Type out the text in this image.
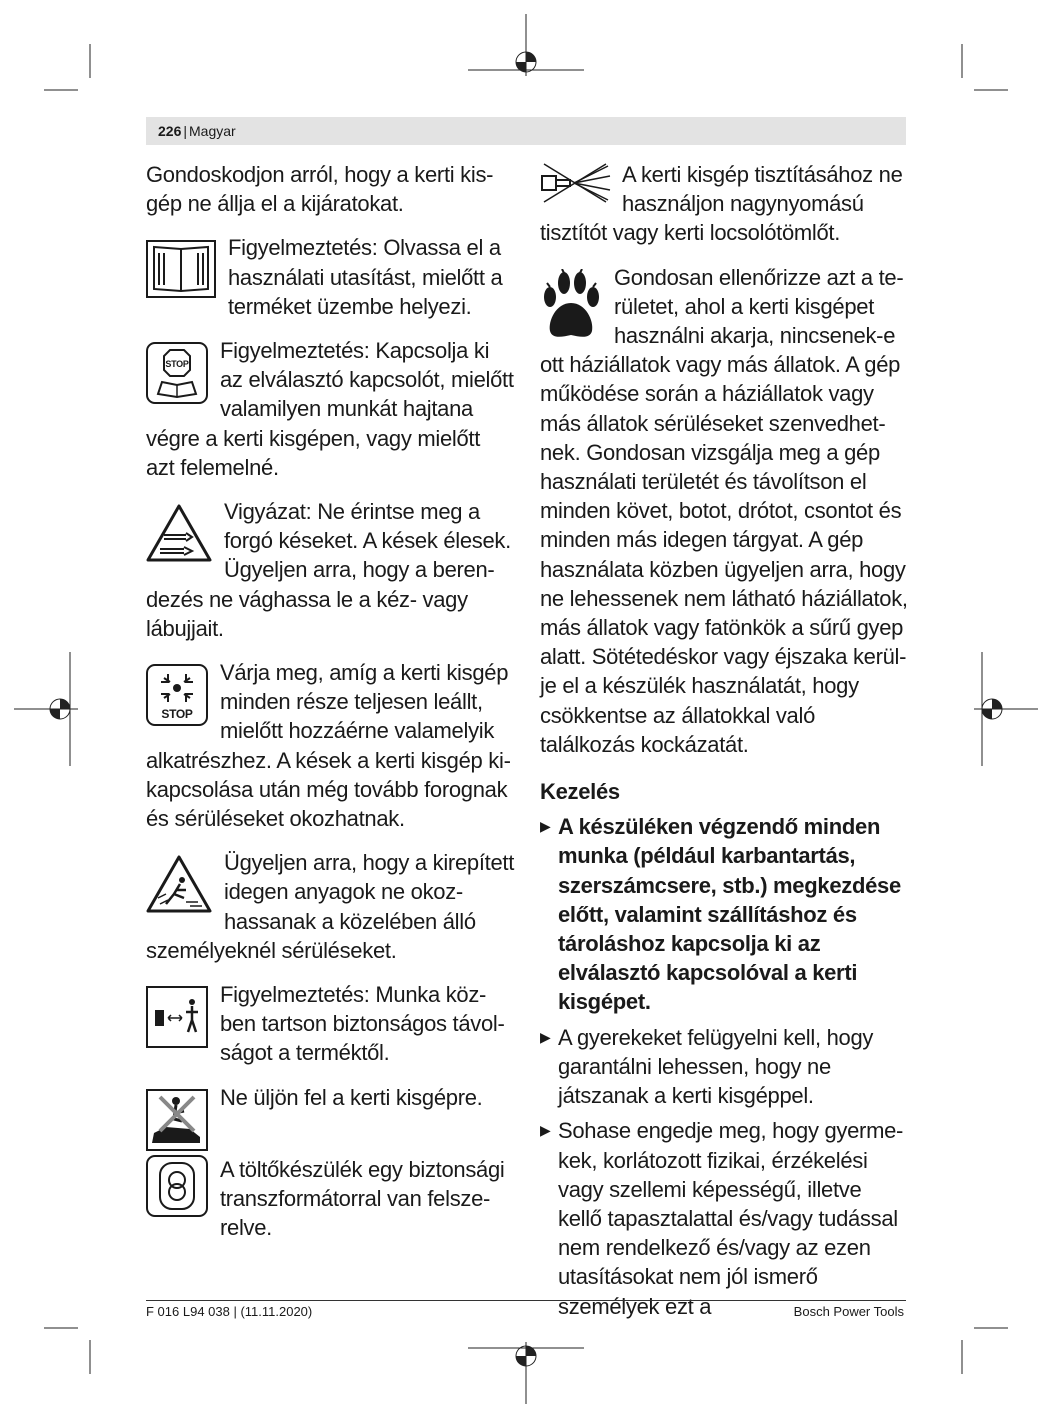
226 | Magyar

Gondoskodjon arról, hogy a kerti kisgép ne állja el a kijáratokat.

Figyelmeztetés: Olvassa el a használati utasítást, mielőtt a terméket üzembe helyezi.

STOP

Figyelmeztetés: Kapcsolja ki az elválasztó kapcsolót, mielőtt valamilyen munkát hajtana végre a kerti kisgépen, vagy mielőtt azt felemelné.

Vigyázat: Ne érintse meg a forgó késeket. A kések élesek. Ügyeljen arra, hogy a berendezés ne vághassa le a kéz- vagy lábujjait.

STOP

Várja meg, amíg a kerti kisgép minden része teljesen leállt, mielőtt hozzáérne valamelyik alkatrészhez. A kések a kerti kisgép kikapcsolása után még tovább forognak és sérüléseket okozhatnak.

Ügyeljen arra, hogy a kirepített idegen anyagok ne okozhassanak a közelében álló személyeknél sérüléseket.

Figyelmeztetés: Munka közben tartson biztonságos távolságot a terméktől.

Ne üljön fel a kerti kisgépre.

A töltőkészülék egy biztonsági transzformátorral van felszerelve.

A kerti kisgép tisztításához ne használjon nagynyomású tisztítót vagy kerti locsolótömlőt.

Gondosan ellenőrizze azt a területet, ahol a kerti kisgépet használni akarja, nincsenek-e ott háziállatok vagy más állatok. A gép működése során a háziállatok vagy más állatok sérüléseket szenvedhetnek. Gondosan vizsgálja meg a gép használati területét és távolítson el minden követ, botot, drótot, csontot és minden más idegen tárgyat. A gép használata közben ügyeljen arra, hogy ne lehessenek nem látható háziállatok, más állatok vagy fatönkök a sűrű gyep alatt. Sötétedéskor vagy éjszaka kerülje el a készülék használatát, hogy csökkentse az állatokkal való találkozás kockázatát.

Kezelés

▶ A készüléken végzendő minden munka (például karbantartás, szerszámcsere, stb.) megkezdése előtt, valamint szállításhoz és tároláshoz kapcsolja ki az elválasztó kapcsolóval a kerti kisgépet.
▶ A gyerekeket felügyelni kell, hogy garantálni lehessen, hogy ne játszanak a kerti kisgéppel.
▶ Sohase engedje meg, hogy gyermekek, korlátozott fizikai, érzékelési vagy szellemi képességű, illetve kellő tapasztalattal és/vagy tudással nem rendelkező és/vagy az ezen utasításokat nem jól ismerő személyek ezt a
F 016 L94 038 | (11.11.2020)	Bosch Power Tools
